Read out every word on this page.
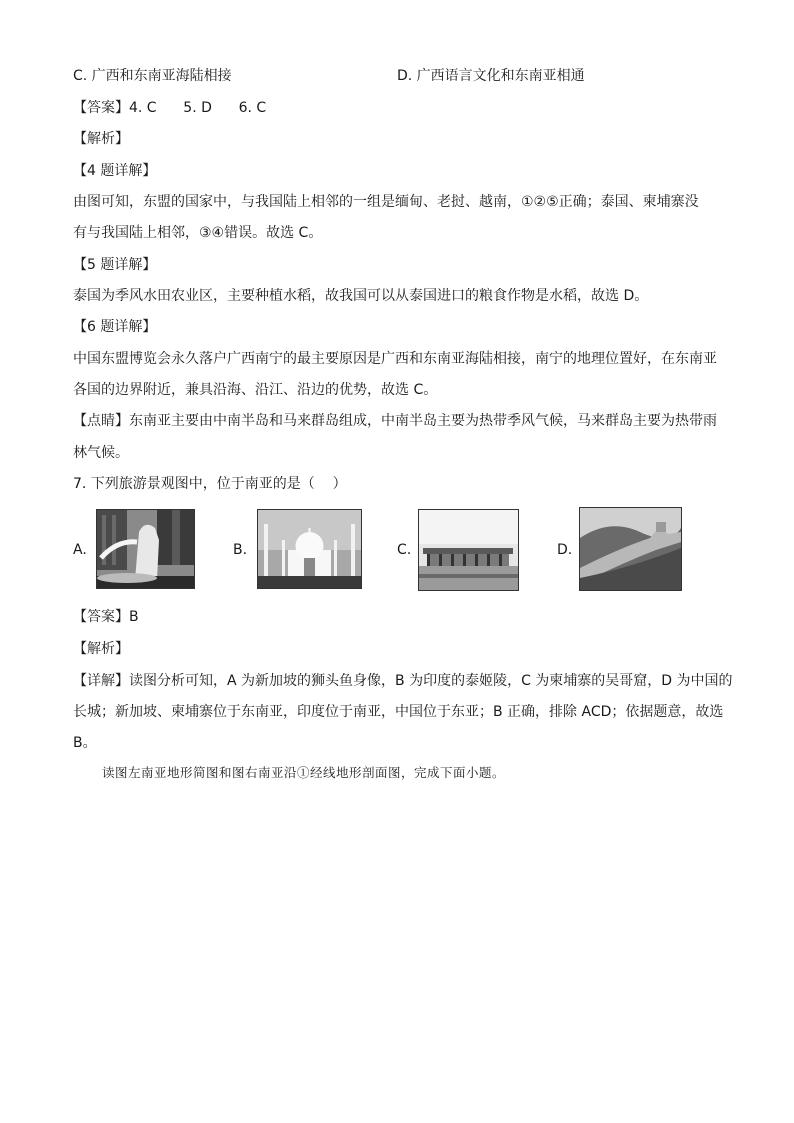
C. 广西和东南亚海陆相接	D. 广西语言文化和东南亚相通
【答案】4. C      5. D      6. C
【解析】
【4 题详解】
由图可知，东盟的国家中，与我国陆上相邻的一组是缅甸、老挝、越南，①②⑤正确；泰国、柬埔寨没
有与我国陆上相邻，③④错误。故选 C。
【5 题详解】
泰国为季风水田农业区，主要种植水稻，故我国可以从泰国进口的粮食作物是水稻，故选 D。
【6 题详解】
中国东盟博览会永久落户广西南宁的最主要原因是广西和东南亚海陆相接，南宁的地理位置好，在东南亚
各国的边界附近，兼具沿海、沿江、沿边的优势，故选 C。
【点睛】东南亚主要由中南半岛和马来群岛组成，中南半岛主要为热带季风气候，马来群岛主要为热带雨
林气候。
7. 下列旅游景观图中，位于南亚的是（    ）
A.	B.	C.	D.
【答案】B
【解析】
【详解】读图分析可知，A 为新加坡的狮头鱼身像，B 为印度的泰姬陵，C 为柬埔寨的吴哥窟，D 为中国的
长城；新加坡、柬埔寨位于东南亚，印度位于南亚，中国位于东亚；B 正确，排除 ACD；依据题意，故选
B。
读图左南亚地形简图和图右南亚沿①经线地形剖面图，完成下面小题。
